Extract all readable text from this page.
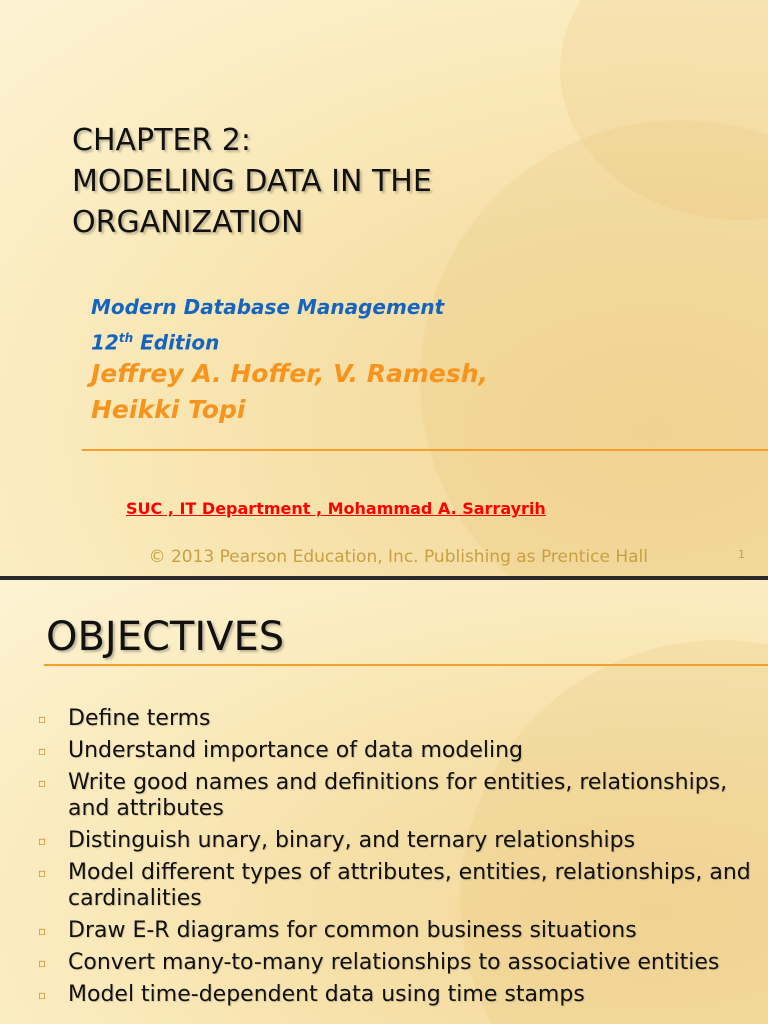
CHAPTER 2:
MODELING DATA IN THE
ORGANIZATION
Modern Database Management
12th Edition
Jeffrey A. Hoffer, V. Ramesh,
Heikki Topi
SUC , IT Department , Mohammad A. Sarrayrih
© 2013 Pearson Education, Inc. Publishing as Prentice Hall	1
OBJECTIVES
▫ Define terms
▫ Understand importance of data modeling
▫ Write good names and definitions for entities, relationships, and attributes
▫ Distinguish unary, binary, and ternary relationships
▫ Model different types of attributes, entities, relationships, and cardinalities
▫ Draw E-R diagrams for common business situations
▫ Convert many-to-many relationships to associative entities
▫ Model time-dependent data using time stamps
